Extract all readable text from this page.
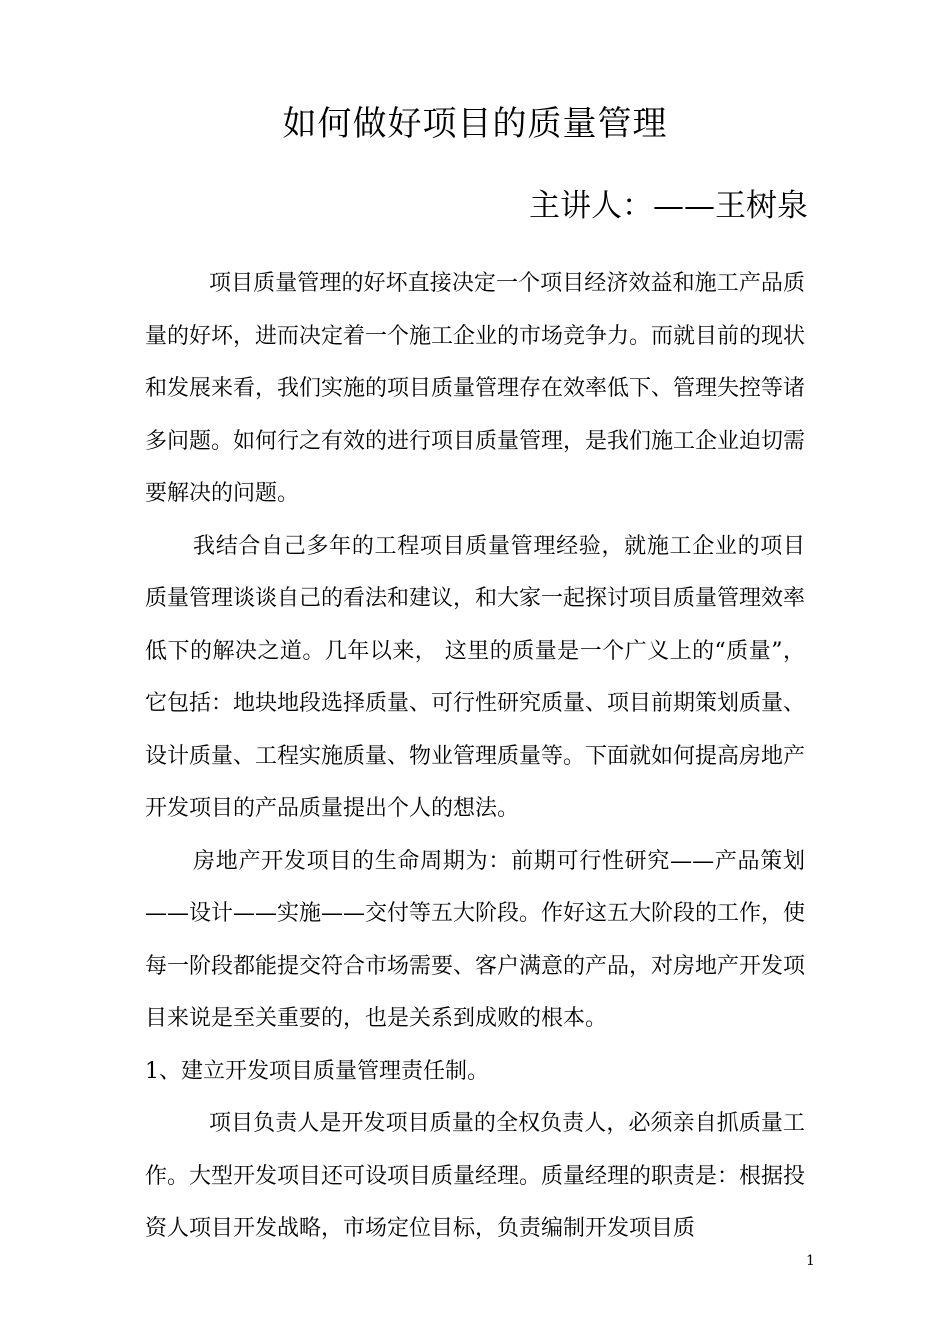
如何做好项目的质量管理

主讲人：——王树泉

项目质量管理的好坏直接决定一个项目经济效益和施工产品质量的好坏，进而决定着一个施工企业的市场竞争力。而就目前的现状和发展来看，我们实施的项目质量管理存在效率低下、管理失控等诸多问题。如何行之有效的进行项目质量管理，是我们施工企业迫切需要解决的问题。

我结合自己多年的工程项目质量管理经验，就施工企业的项目质量管理谈谈自己的看法和建议，和大家一起探讨项目质量管理效率低下的解决之道。几年以来， 这里的质量是一个广义上的“质量”，它包括：地块地段选择质量、可行性研究质量、项目前期策划质量、设计质量、工程实施质量、物业管理质量等。下面就如何提高房地产开发项目的产品质量提出个人的想法。

房地产开发项目的生命周期为：前期可行性研究——产品策划——设计——实施——交付等五大阶段。作好这五大阶段的工作，使每一阶段都能提交符合市场需要、客户满意的产品，对房地产开发项目来说是至关重要的，也是关系到成败的根本。

1、建立开发项目质量管理责任制。

项目负责人是开发项目质量的全权负责人，必须亲自抓质量工作。大型开发项目还可设项目质量经理。质量经理的职责是：根据投资人项目开发战略，市场定位目标，负责编制开发项目质

1
